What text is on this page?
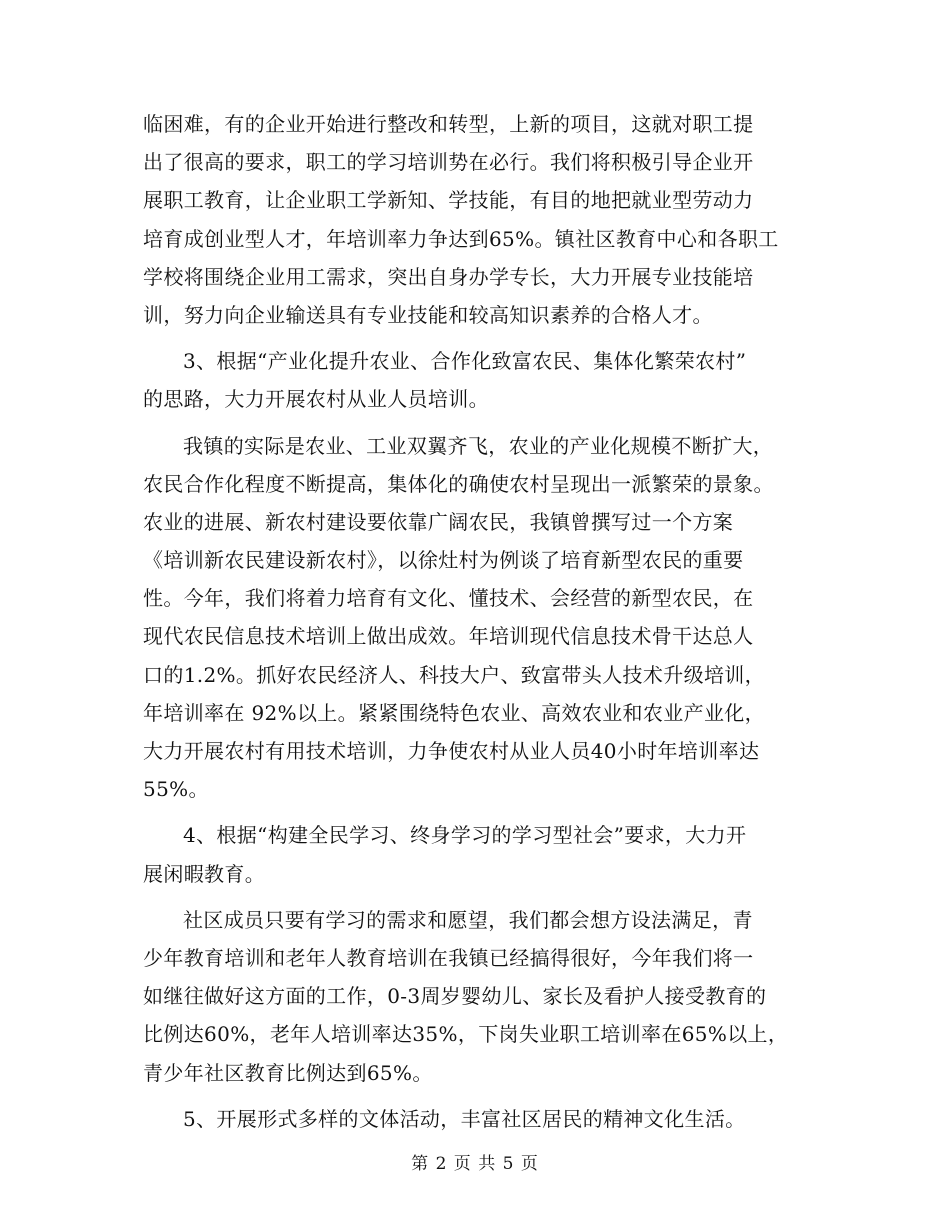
临困难，有的企业开始进行整改和转型，上新的项目，这就对职工提
出了很高的要求，职工的学习培训势在必行。我们将积极引导企业开
展职工教育，让企业职工学新知、学技能，有目的地把就业型劳动力
培育成创业型人才，年培训率力争达到65%。镇社区教育中心和各职工
学校将围绕企业用工需求，突出自身办学专长，大力开展专业技能培
训，努力向企业输送具有专业技能和较高知识素养的合格人才。
3、根据“产业化提升农业、合作化致富农民、集体化繁荣农村”
的思路，大力开展农村从业人员培训。
我镇的实际是农业、工业双翼齐飞，农业的产业化规模不断扩大，
农民合作化程度不断提高，集体化的确使农村呈现出一派繁荣的景象。
农业的进展、新农村建设要依靠广阔农民，我镇曾撰写过一个方案
《培训新农民建设新农村》，以徐灶村为例谈了培育新型农民的重要
性。今年，我们将着力培育有文化、懂技术、会经营的新型农民，在
现代农民信息技术培训上做出成效。年培训现代信息技术骨干达总人
口的1.2%。抓好农民经济人、科技大户、致富带头人技术升级培训，
年培训率在 92%以上。紧紧围绕特色农业、高效农业和农业产业化，
大力开展农村有用技术培训，力争使农村从业人员40小时年培训率达
55%。
4、根据“构建全民学习、终身学习的学习型社会”要求，大力开
展闲暇教育。
社区成员只要有学习的需求和愿望，我们都会想方设法满足，青
少年教育培训和老年人教育培训在我镇已经搞得很好，今年我们将一
如继往做好这方面的工作，0-3周岁婴幼儿、家长及看护人接受教育的
比例达60%，老年人培训率达35%，下岗失业职工培训率在65%以上，
青少年社区教育比例达到65%。
5、开展形式多样的文体活动，丰富社区居民的精神文化生活。
第 2 页 共 5 页
